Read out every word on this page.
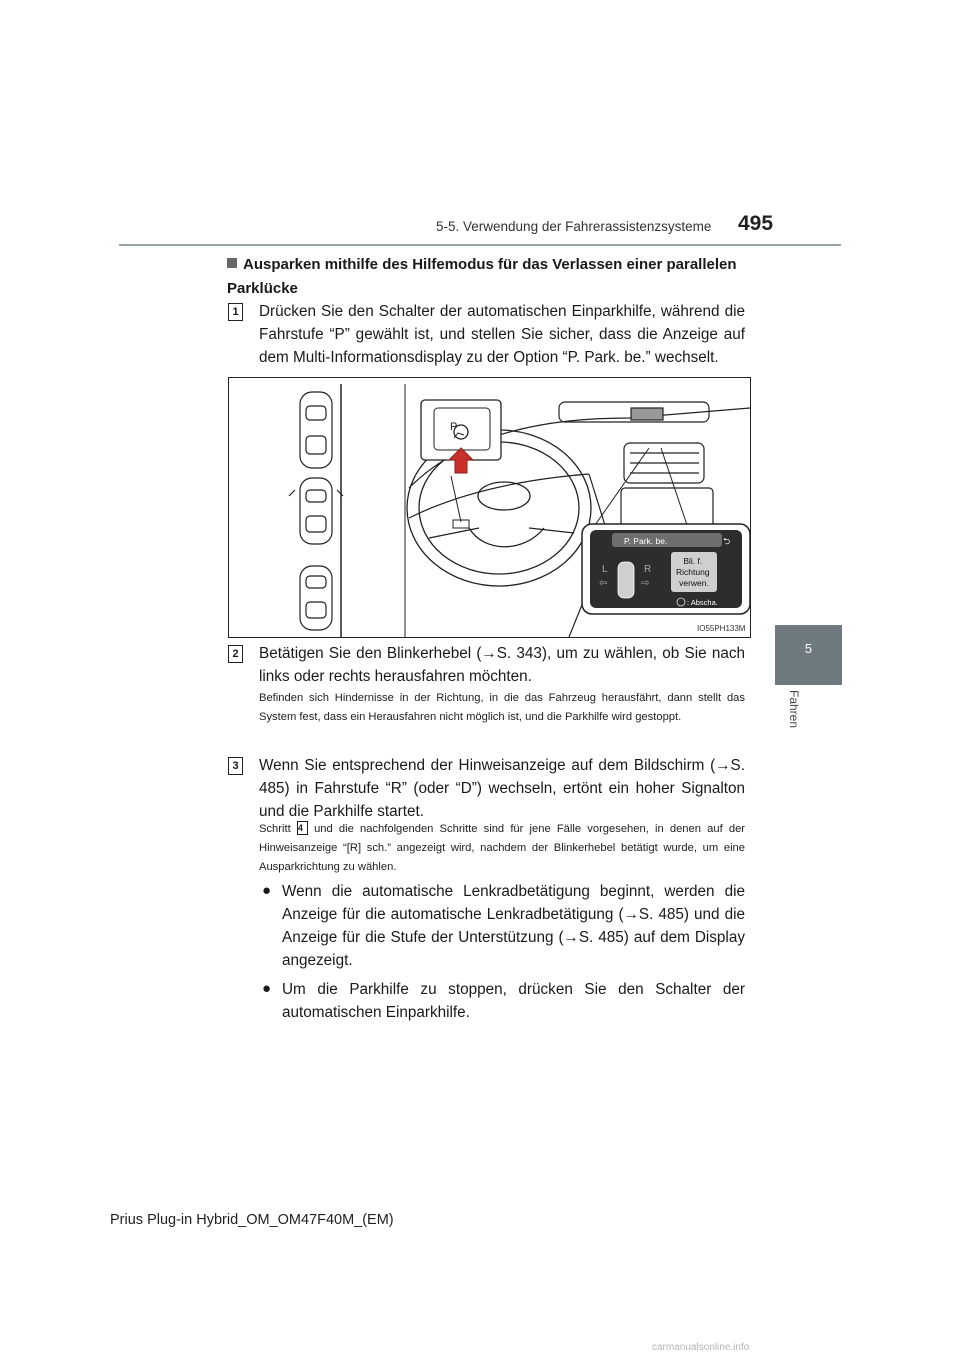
5-5. Verwendung der Fahrerassistenzsysteme 495
5
Fahren
Ausparken mithilfe des Hilfemodus für das Verlassen einer parallelen Parklücke
1 Drücken Sie den Schalter der automatischen Einparkhilfe, während die Fahrstufe “P” gewählt ist, und stellen Sie sicher, dass die Anzeige auf dem Multi-Informationsdisplay zu der Option “P. Park. be.” wechselt.
P
P. Park. be.	⮌
L	R
⇦	⇨
Bli. f. Richtung verwen.
: Abscha.
IO55PH133M
2 Betätigen Sie den Blinkerhebel (→S. 343), um zu wählen, ob Sie nach links oder rechts herausfahren möchten.
Befinden sich Hindernisse in der Richtung, in die das Fahrzeug herausfährt, dann stellt das System fest, dass ein Herausfahren nicht möglich ist, und die Parkhilfe wird gestoppt.
3 Wenn Sie entsprechend der Hinweisanzeige auf dem Bildschirm (→S. 485) in Fahrstufe “R” (oder “D”) wechseln, ertönt ein hoher Signalton und die Parkhilfe startet.
Schritt 4 und die nachfolgenden Schritte sind für jene Fälle vorgesehen, in denen auf der Hinweisanzeige “[R] sch.” angezeigt wird, nachdem der Blinkerhebel betätigt wurde, um eine Ausparkrichtung zu wählen.
● Wenn die automatische Lenkradbetätigung beginnt, werden die Anzeige für die automatische Lenkradbetätigung (→S. 485) und die Anzeige für die Stufe der Unterstützung (→S. 485) auf dem Display angezeigt.
● Um die Parkhilfe zu stoppen, drücken Sie den Schalter der automatischen Einparkhilfe.
Prius Plug-in Hybrid_OM_OM47F40M_(EM)
carmanualsonline.info
